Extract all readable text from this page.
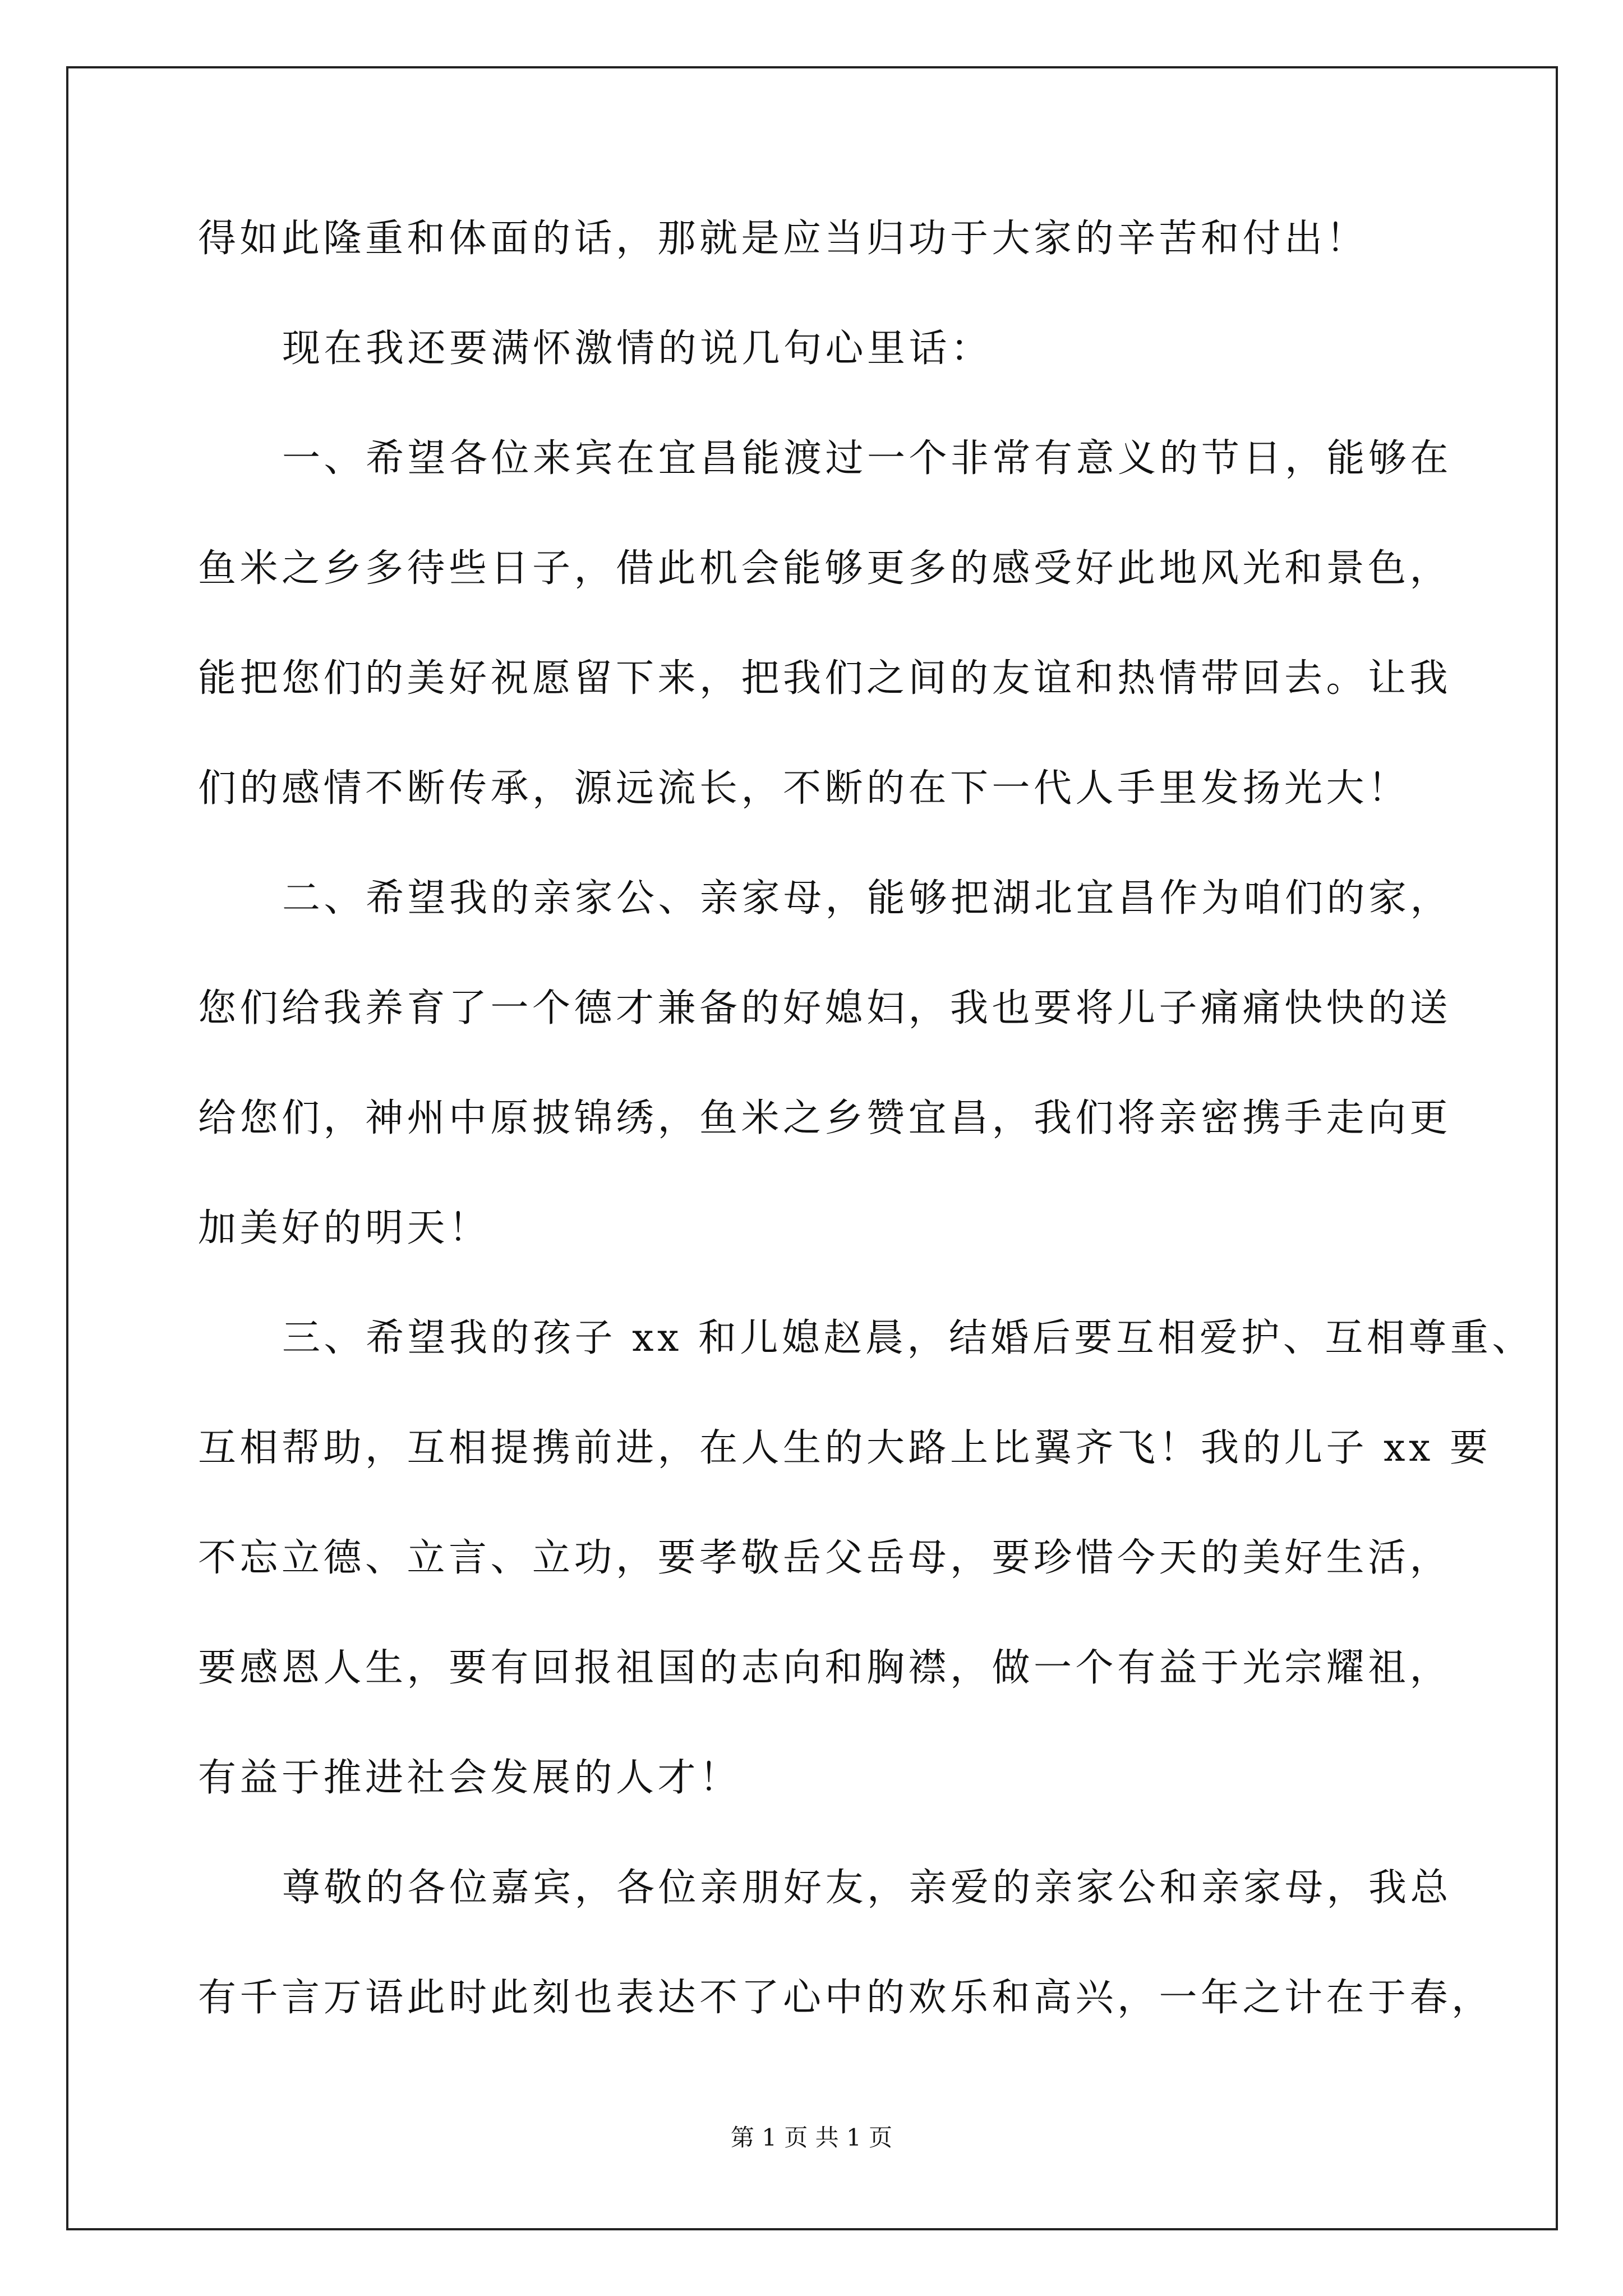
得如此隆重和体面的话，那就是应当归功于大家的辛苦和付出！
现在我还要满怀激情的说几句心里话：
一、希望各位来宾在宜昌能渡过一个非常有意义的节日，能够在
鱼米之乡多待些日子，借此机会能够更多的感受好此地风光和景色，
能把您们的美好祝愿留下来，把我们之间的友谊和热情带回去。让我
们的感情不断传承，源远流长，不断的在下一代人手里发扬光大！
二、希望我的亲家公、亲家母，能够把湖北宜昌作为咱们的家，
您们给我养育了一个德才兼备的好媳妇，我也要将儿子痛痛快快的送
给您们，神州中原披锦绣，鱼米之乡赞宜昌，我们将亲密携手走向更
加美好的明天！
三、希望我的孩子 xx 和儿媳赵晨，结婚后要互相爱护、互相尊重、
互相帮助，互相提携前进，在人生的大路上比翼齐飞！我的儿子 xx 要
不忘立德、立言、立功，要孝敬岳父岳母，要珍惜今天的美好生活，
要感恩人生，要有回报祖国的志向和胸襟，做一个有益于光宗耀祖，
有益于推进社会发展的人才！
尊敬的各位嘉宾，各位亲朋好友，亲爱的亲家公和亲家母，我总
有千言万语此时此刻也表达不了心中的欢乐和高兴，一年之计在于春，
第 1 页 共 1 页
